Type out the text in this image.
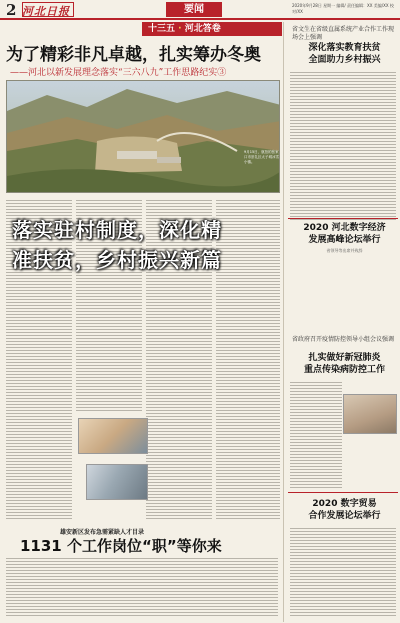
2 河北日报	要闻	2020年9月28日 星期一 编辑/ 责任编辑：XX 美编/XX 校对/XX
十三五 · 河北答卷
为了精彩非凡卓越，扎实筹办冬奥
——河北以新发展理念落实“三六八九”工作思路纪实③
9月15日，航拍的张家口市崇礼区太子城冰雪小镇。
省文生在省级直属系统产业合作工作现场会上强调
深化落实教育扶贫
全面助力乡村振兴
2020 河北数字经济
发展高峰论坛举行
省领导等出席并致辞
省政府召开疫情防控领导小组会议强调
扎实做好新冠肺炎
重点传染病防控工作
2020 数字贸易
合作发展论坛举行
雄安新区发布急需紧缺人才目录
1131 个工作岗位“职”等你来
落实驻村制度，深化精
准扶贫，乡村振兴新篇
